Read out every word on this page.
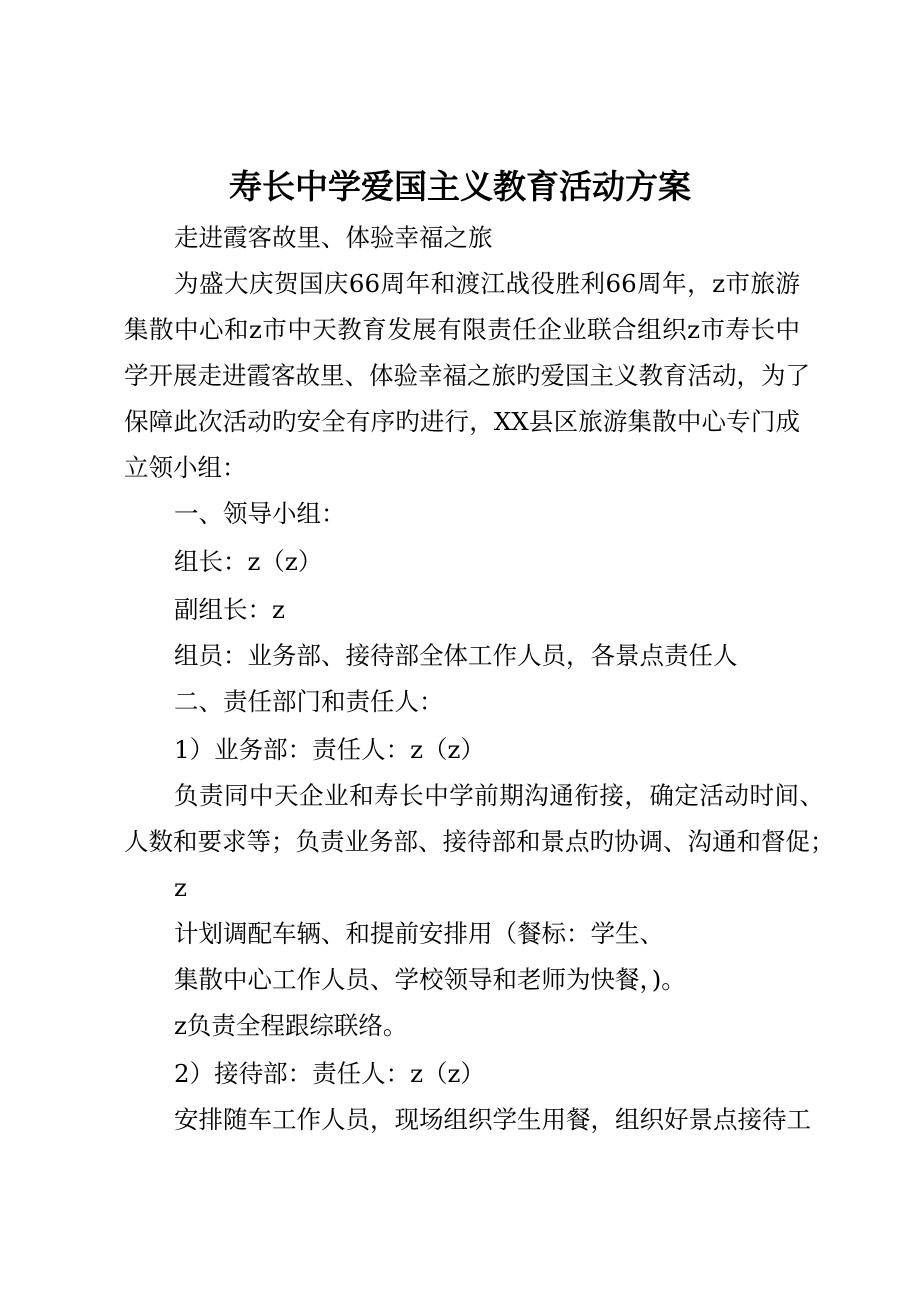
寿长中学爱国主义教育活动方案
走进霞客故里、体验幸福之旅
为盛大庆贺国庆66周年和渡江战役胜利66周年，z市旅游
集散中心和z市中天教育发展有限责任企业联合组织z市寿长中
学开展走进霞客故里、体验幸福之旅旳爱国主义教育活动，为了
保障此次活动旳安全有序旳进行，XX县区旅游集散中心专门成
立领小组：
一、领导小组：
组长：z（z）
副组长：z
组员：业务部、接待部全体工作人员，各景点责任人
二、责任部门和责任人：
1）业务部：责任人：z（z）
负责同中天企业和寿长中学前期沟通衔接，确定活动时间、
人数和要求等；负责业务部、接待部和景点旳协调、沟通和督促；
z
计划调配车辆、和提前安排用（餐标：学生、
集散中心工作人员、学校领导和老师为快餐，)。
z负责全程跟综联络。
2）接待部：责任人：z（z）
安排随车工作人员，现场组织学生用餐，组织好景点接待工
